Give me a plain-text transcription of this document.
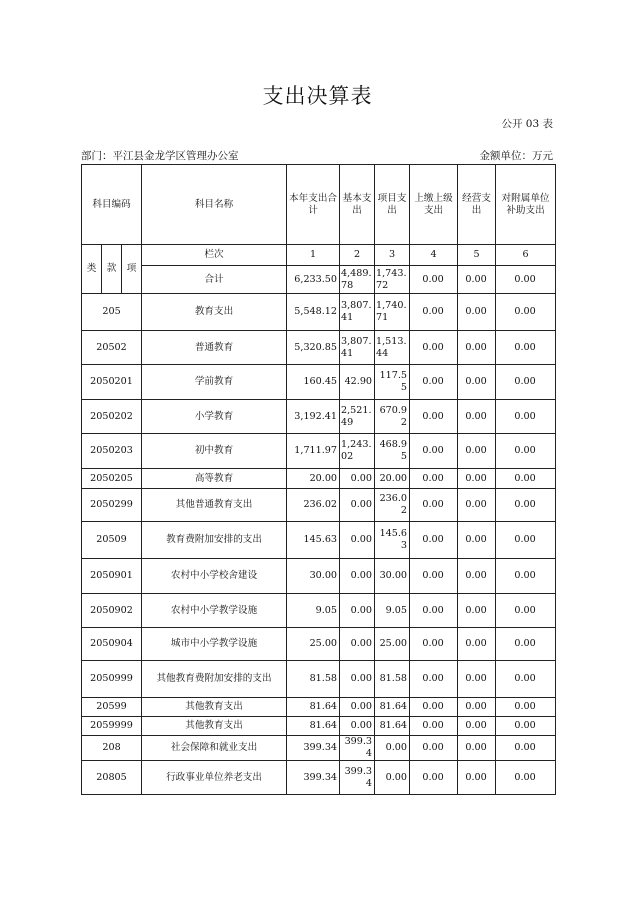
支出决算表
公开 03 表
部门：平江县金龙学区管理办公室	金额单位：万元
科目编码			科目名称	本年支出合计	基本支出	项目支出	上缴上级支出	经营支出	对附属单位补助支出
类	款	项	栏次	1	2	3	4	5	6
			合计	6,233.50	4,489.78	1,743.72	0.00	0.00	0.00
205			教育支出	5,548.12	3,807.41	1,740.71	0.00	0.00	0.00
20502			普通教育	5,320.85	3,807.41	1,513.44	0.00	0.00	0.00
2050201			学前教育	160.45	42.90	117.55	0.00	0.00	0.00
2050202			小学教育	3,192.41	2,521.49	670.92	0.00	0.00	0.00
2050203			初中教育	1,711.97	1,243.02	468.95	0.00	0.00	0.00
2050205			高等教育	20.00	0.00	20.00	0.00	0.00	0.00
2050299			其他普通教育支出	236.02	0.00	236.02	0.00	0.00	0.00
20509			教育费附加安排的支出	145.63	0.00	145.63	0.00	0.00	0.00
2050901			农村中小学校舍建设	30.00	0.00	30.00	0.00	0.00	0.00
2050902			农村中小学教学设施	9.05	0.00	9.05	0.00	0.00	0.00
2050904			城市中小学教学设施	25.00	0.00	25.00	0.00	0.00	0.00
2050999			其他教育费附加安排的支出	81.58	0.00	81.58	0.00	0.00	0.00
20599			其他教育支出	81.64	0.00	81.64	0.00	0.00	0.00
2059999			其他教育支出	81.64	0.00	81.64	0.00	0.00	0.00
208			社会保障和就业支出	399.34	399.34	0.00	0.00	0.00	0.00
20805			行政事业单位养老支出	399.34	399.34	0.00	0.00	0.00	0.00
